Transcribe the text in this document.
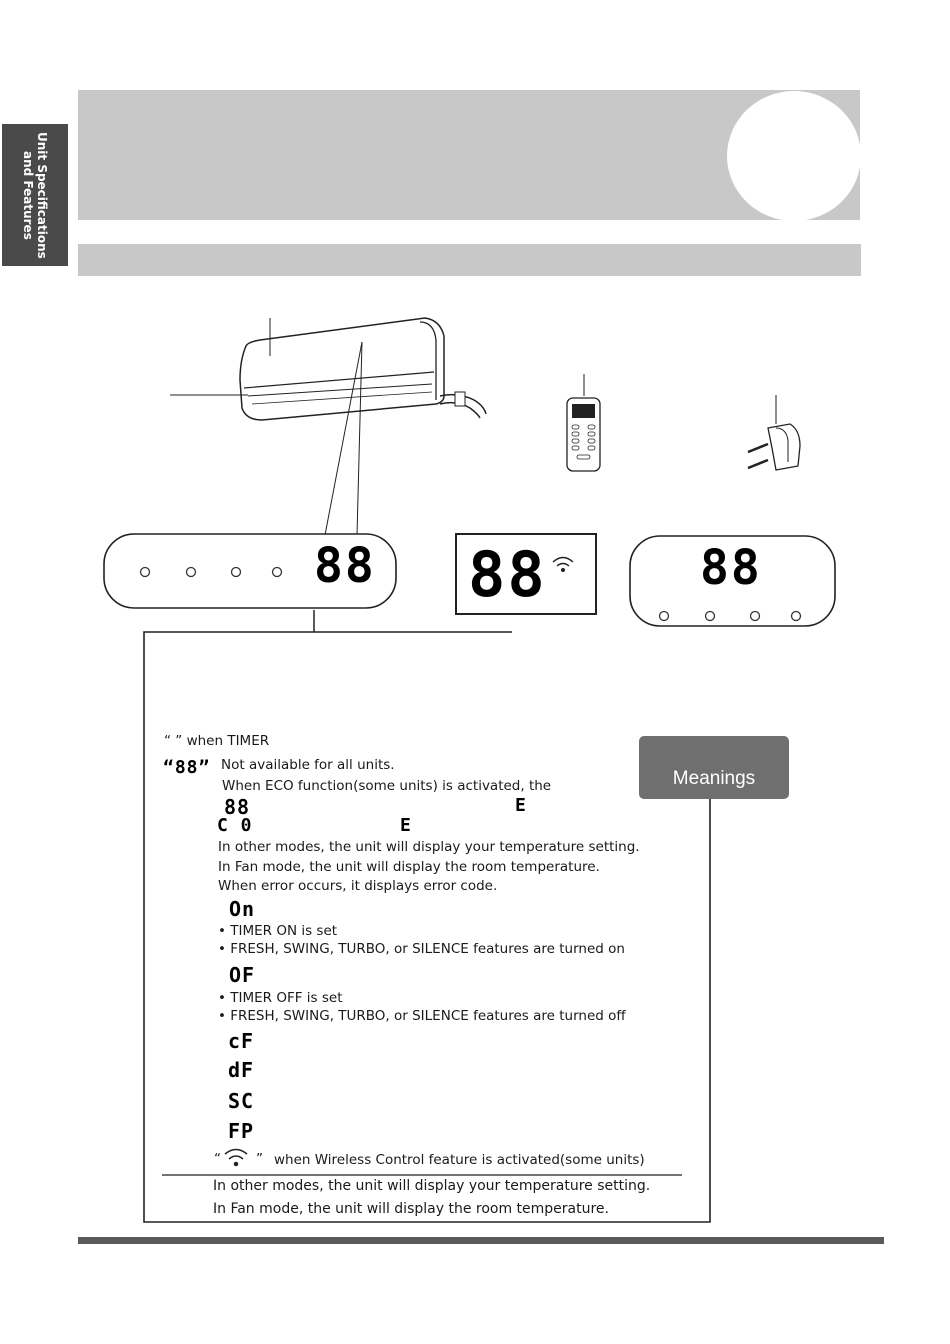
Unit Specifications and Features
88 88	88
Meanings
“ ” when TIMER
“88” Not available for all units.
When ECO function(some units) is activated, the
88	E
C 0	E
In other modes, the unit will display your temperature setting.
In Fan mode, the unit will display the room temperature.
When error occurs, it displays error code.
On
• TIMER ON is set
• FRESH, SWING, TURBO, or SILENCE features are turned on
OF
• TIMER OFF is set
• FRESH, SWING, TURBO, or SILENCE features are turned off
cF
dF
SC
FP
“	” when Wireless Control feature is activated(some units)
In other modes, the unit will display your temperature setting.
In Fan mode, the unit will display the room temperature.
